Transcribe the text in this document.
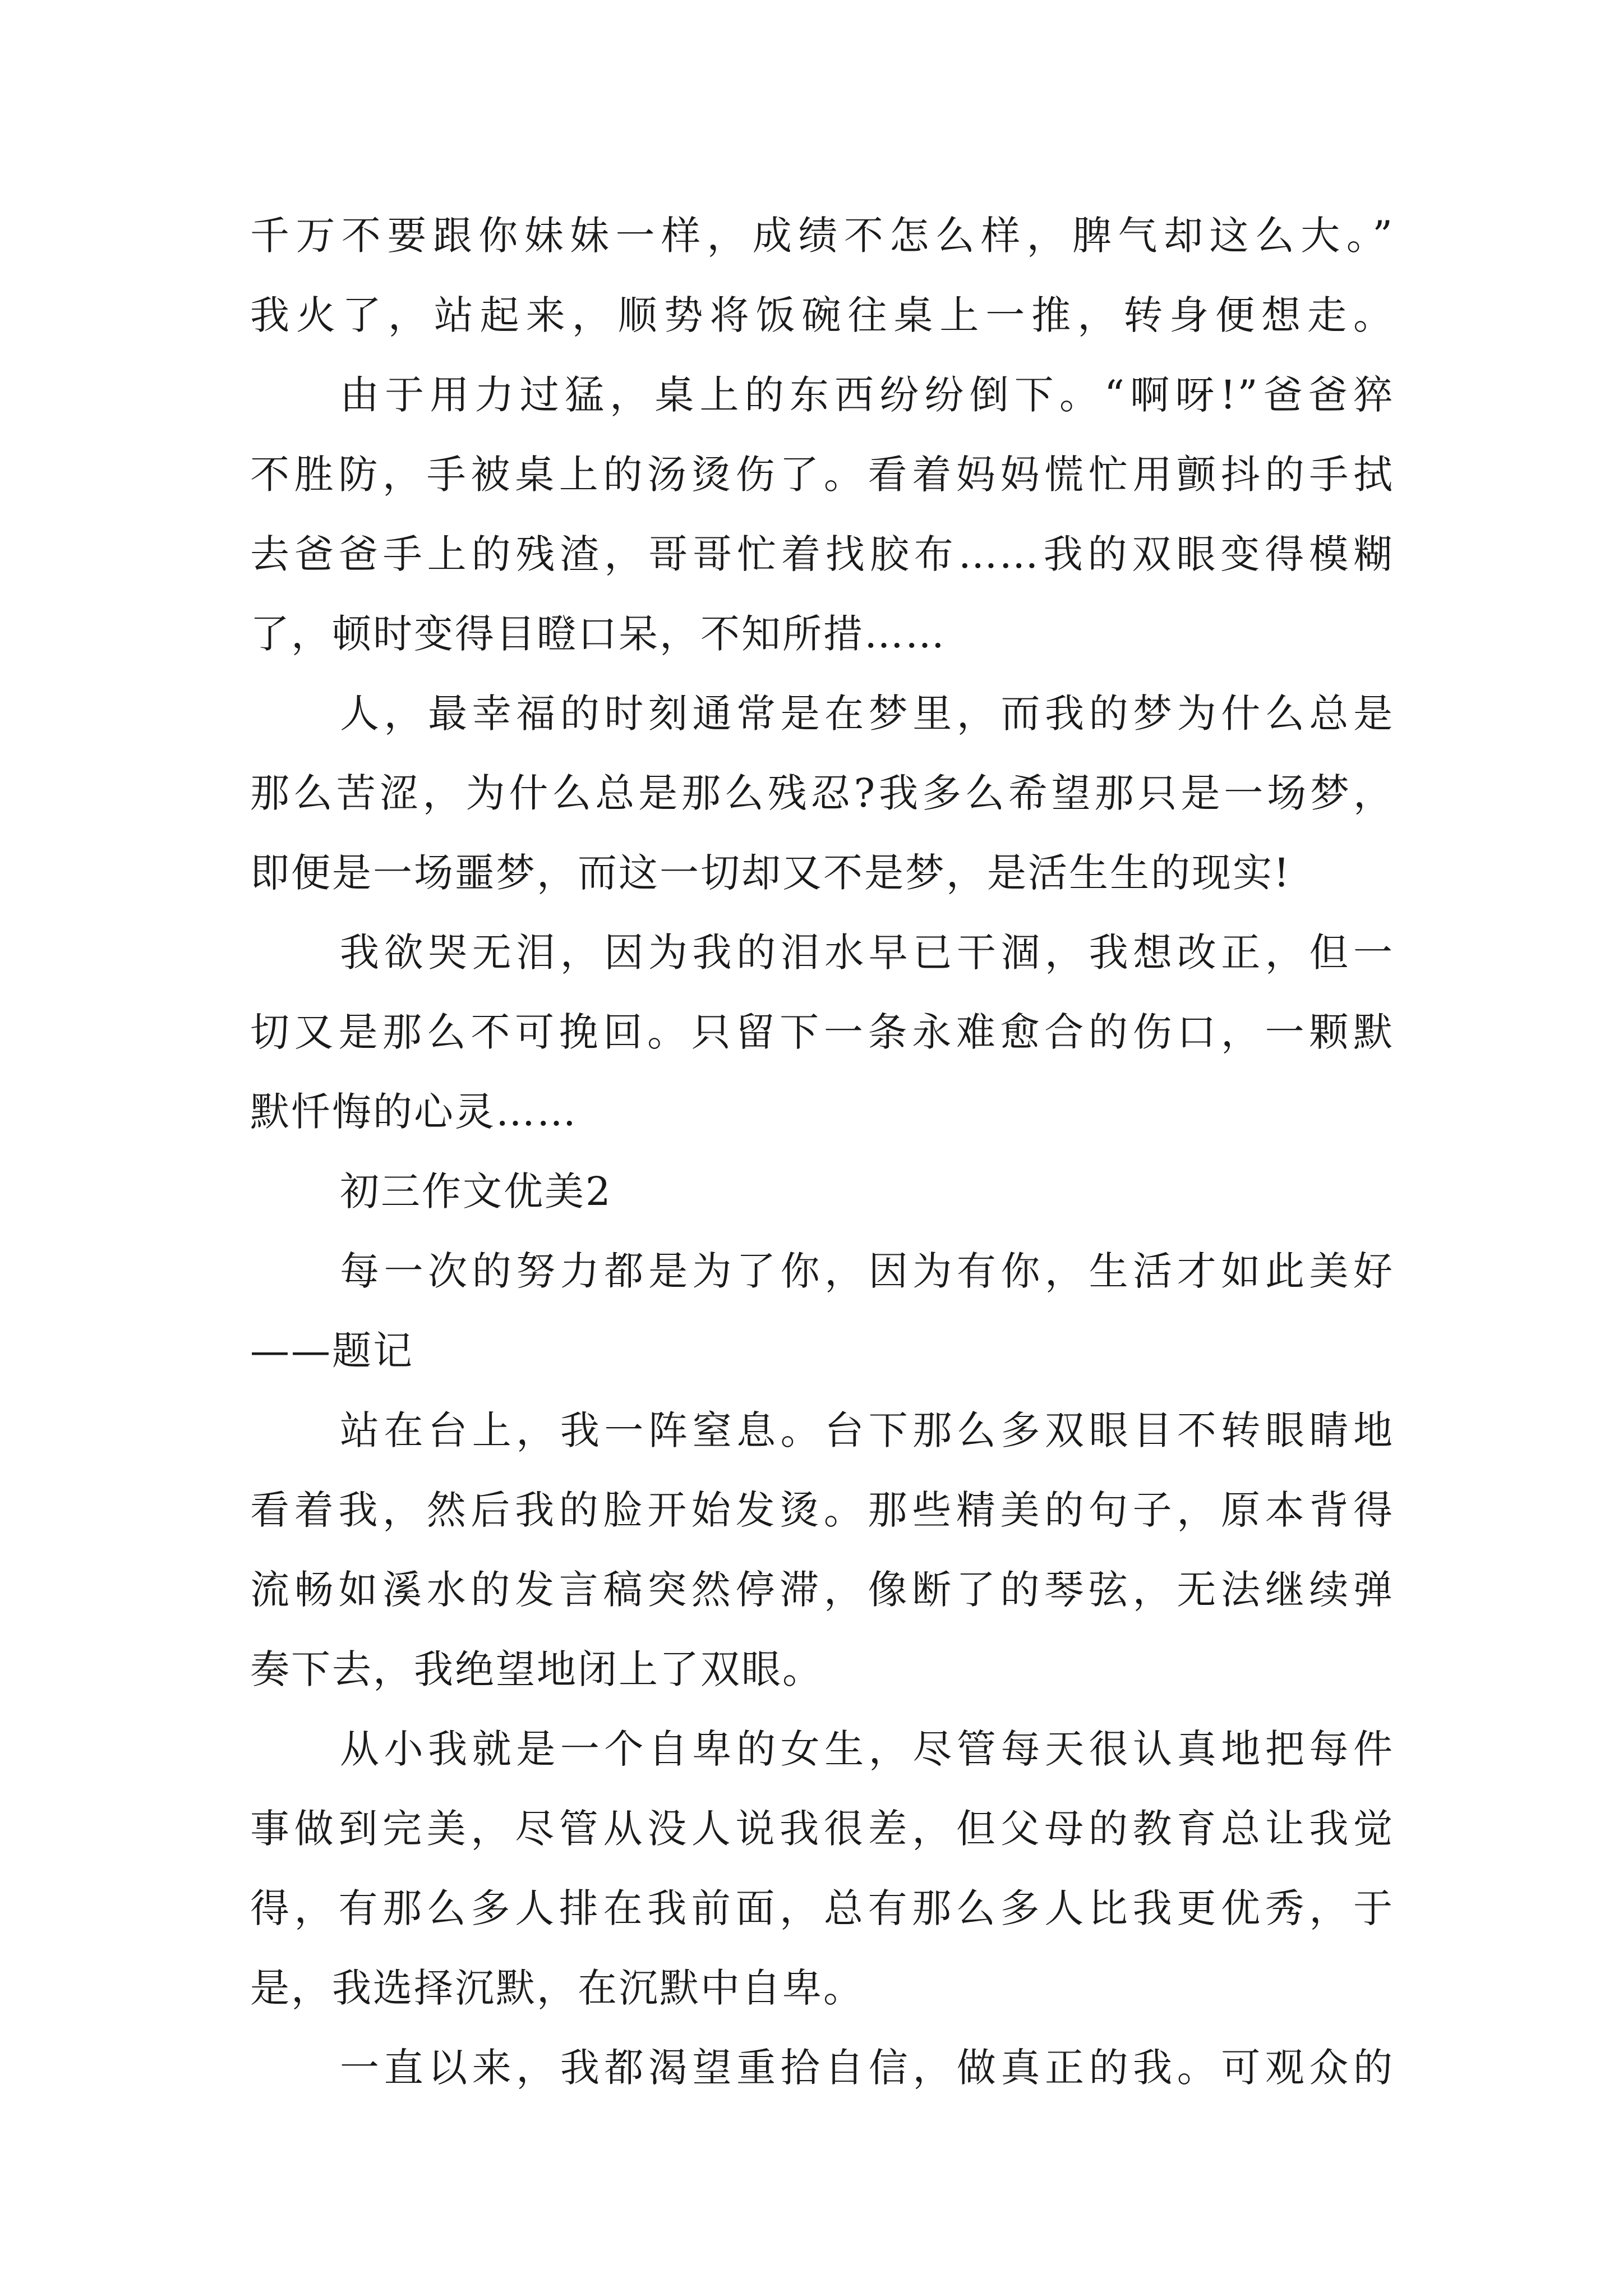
千万不要跟你妹妹一样，成绩不怎么样，脾气却这么大。”
我火了，站起来，顺势将饭碗往桌上一推，转身便想走。
由于用力过猛，桌上的东西纷纷倒下。“啊呀!”爸爸猝
不胜防，手被桌上的汤烫伤了。看着妈妈慌忙用颤抖的手拭
去爸爸手上的残渣，哥哥忙着找胶布……我的双眼变得模糊
了，顿时变得目瞪口呆，不知所措……
人，最幸福的时刻通常是在梦里，而我的梦为什么总是
那么苦涩，为什么总是那么残忍?我多么希望那只是一场梦，
即便是一场噩梦，而这一切却又不是梦，是活生生的现实!
我欲哭无泪，因为我的泪水早已干涸，我想改正，但一
切又是那么不可挽回。只留下一条永难愈合的伤口，一颗默
默忏悔的心灵……
初三作文优美2
每一次的努力都是为了你，因为有你，生活才如此美好
——题记
站在台上，我一阵窒息。台下那么多双眼目不转眼睛地
看着我，然后我的脸开始发烫。那些精美的句子，原本背得
流畅如溪水的发言稿突然停滞，像断了的琴弦，无法继续弹
奏下去，我绝望地闭上了双眼。
从小我就是一个自卑的女生，尽管每天很认真地把每件
事做到完美，尽管从没人说我很差，但父母的教育总让我觉
得，有那么多人排在我前面，总有那么多人比我更优秀，于
是，我选择沉默，在沉默中自卑。
一直以来，我都渴望重拾自信，做真正的我。可观众的
